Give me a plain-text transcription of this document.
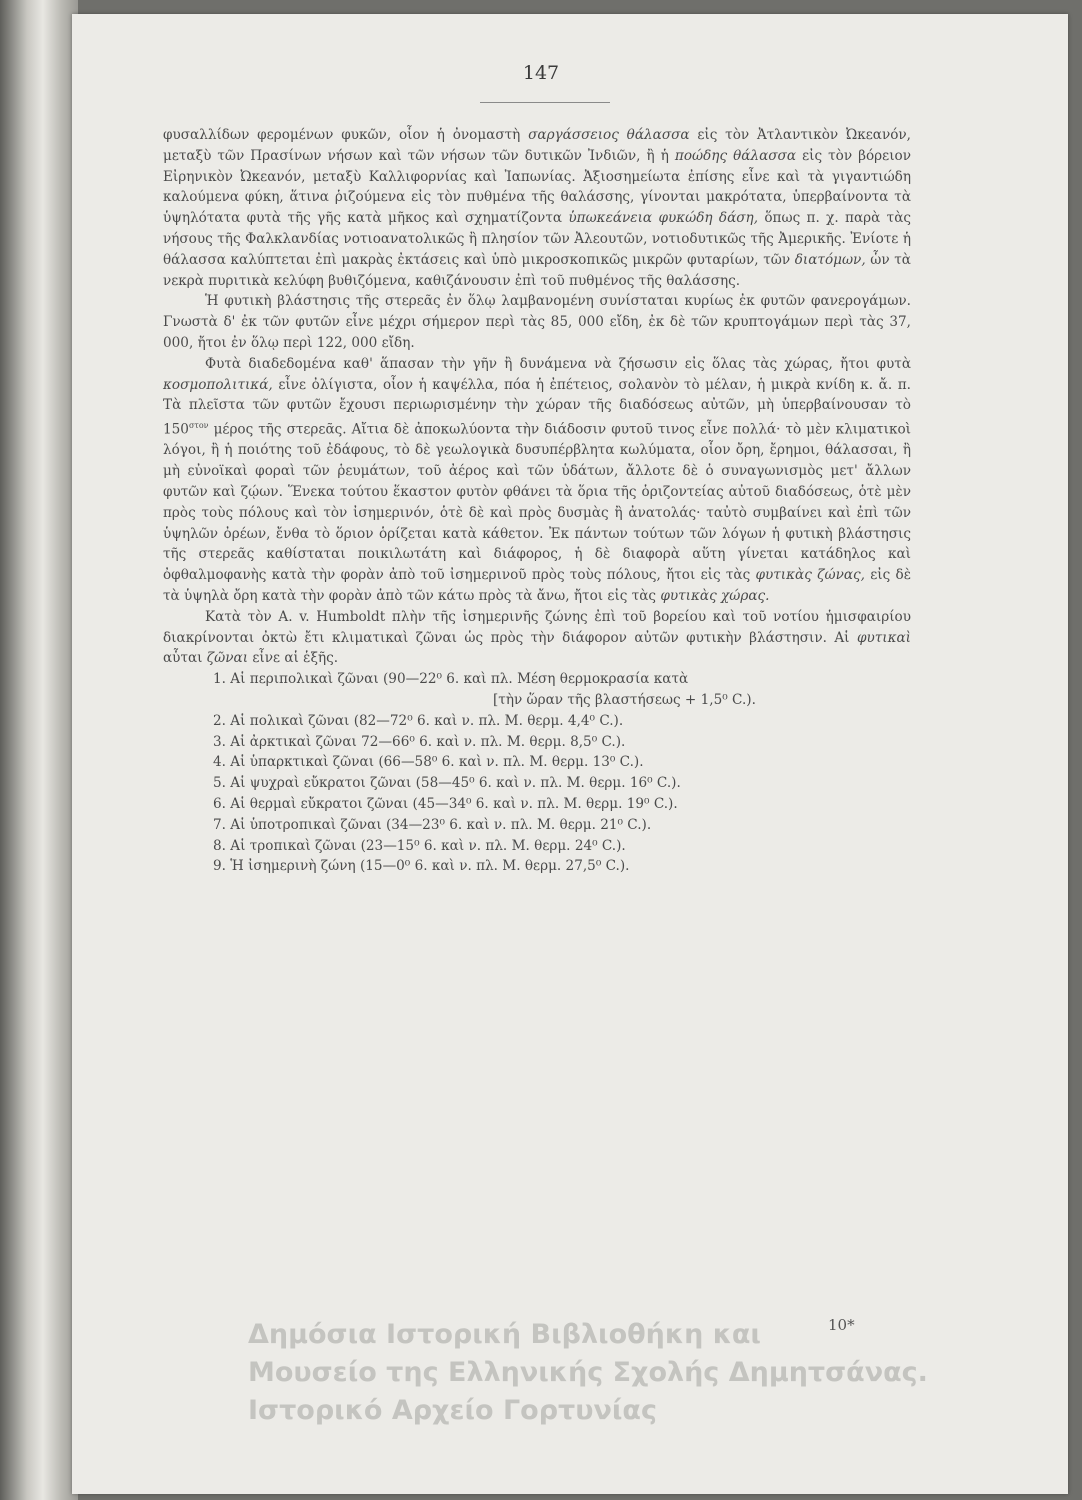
147

φυσαλλίδων φερομένων φυκῶν, οἷον ἡ ὀνομαστὴ σαργάσσειος θάλασσα εἰς τὸν Ἀτλαντικὸν Ὠκεανόν, μεταξὺ τῶν Πρασίνων νήσων καὶ τῶν νήσων τῶν δυτικῶν Ἰνδιῶν, ἢ ἡ ποώδης θάλασσα εἰς τὸν βόρειον Εἰρηνικὸν Ὠκεανόν, μεταξὺ Καλλιφορνίας καὶ Ἰαπωνίας. Ἀξιοσημείωτα ἐπίσης εἶνε καὶ τὰ γιγαντιώδη καλούμενα φύκη, ἅτινα ῥιζούμενα εἰς τὸν πυθμένα τῆς θαλάσσης, γίνονται μακρότατα, ὑπερβαίνοντα τὰ ὑψηλότατα φυτὰ τῆς γῆς κατὰ μῆκος καὶ σχηματίζοντα ὑπωκεάνεια φυκώδη δάση, ὅπως π. χ. παρὰ τὰς νήσους τῆς Φαλκλανδίας νοτιοανατολικῶς ἢ πλησίον τῶν Ἀλεουτῶν, νοτιοδυτικῶς τῆς Ἀμερικῆς. Ἐνίοτε ἡ θάλασσα καλύπτεται ἐπὶ μακρὰς ἐκτάσεις καὶ ὑπὸ μικροσκοπικῶς μικρῶν φυταρίων, τῶν διατόμων, ὧν τὰ νεκρὰ πυριτικὰ κελύφη βυθιζόμενα, καθιζάνουσιν ἐπὶ τοῦ πυθμένος τῆς θαλάσσης.

Ἡ φυτικὴ βλάστησις τῆς στερεᾶς ἐν ὅλῳ λαμβανομένη συνίσταται κυρίως ἐκ φυτῶν φανερογάμων. Γνωστὰ δ' ἐκ τῶν φυτῶν εἶνε μέχρι σήμερον περὶ τὰς 85, 000 εἴδη, ἐκ δὲ τῶν κρυπτογάμων περὶ τὰς 37, 000, ἤτοι ἐν ὅλῳ περὶ 122, 000 εἴδη.

Φυτὰ διαδεδομένα καθ' ἅπασαν τὴν γῆν ἢ δυνάμενα νὰ ζήσωσιν εἰς ὅλας τὰς χώρας, ἤτοι φυτὰ κοσμοπολιτικά, εἶνε ὀλίγιστα, οἷον ἡ καψέλλα, πόα ἡ ἐπέτειος, σολανὸν τὸ μέλαν, ἡ μικρὰ κνίδη κ. ἄ. π. Τὰ πλεῖστα τῶν φυτῶν ἔχουσι περιωρισμένην τὴν χώραν τῆς διαδόσεως αὐτῶν, μὴ ὑπερβαίνουσαν τὸ $150^{\sigma\tau o\nu}$ μέρος τῆς στερεᾶς. Αἴτια δὲ ἀποκωλύοντα τὴν διάδοσιν φυτοῦ τινος εἶνε πολλά· τὸ μὲν κλιματικοὶ λόγοι, ἢ ἡ ποιότης τοῦ ἐδάφους, τὸ δὲ γεωλογικὰ δυσυπέρβλητα κωλύματα, οἷον ὄρη, ἔρημοι, θάλασσαι, ἢ μὴ εὐνοϊκαὶ φοραὶ τῶν ῥευμάτων, τοῦ ἀέρος καὶ τῶν ὑδάτων, ἄλλοτε δὲ ὁ συναγωνισμὸς μετ' ἄλλων φυτῶν καὶ ζῴων. Ἕνεκα τούτου ἕκαστον φυτὸν φθάνει τὰ ὅρια τῆς ὁριζοντείας αὐτοῦ διαδόσεως, ὁτὲ μὲν πρὸς τοὺς πόλους καὶ τὸν ἰσημερινόν, ὁτὲ δὲ καὶ πρὸς δυσμὰς ἢ ἀνατολάς· ταὐτὸ συμβαίνει καὶ ἐπὶ τῶν ὑψηλῶν ὀρέων, ἔνθα τὸ ὅριον ὁρίζεται κατὰ κάθετον. Ἐκ πάντων τούτων τῶν λόγων ἡ φυτικὴ βλάστησις τῆς στερεᾶς καθίσταται ποικιλωτάτη καὶ διάφορος, ἡ δὲ διαφορὰ αὕτη γίνεται κατάδηλος καὶ ὀφθαλμοφανὴς κατὰ τὴν φορὰν ἀπὸ τοῦ ἰσημερινοῦ πρὸς τοὺς πόλους, ἤτοι εἰς τὰς φυτικὰς ζώνας, εἰς δὲ τὰ ὑψηλὰ ὄρη κατὰ τὴν φορὰν ἀπὸ τῶν κάτω πρὸς τὰ ἄνω, ἤτοι εἰς τὰς φυτικὰς χώρας.

Κατὰ τὸν A. v. Humboldt πλὴν τῆς ἰσημερινῆς ζώνης ἐπὶ τοῦ βορείου καὶ τοῦ νοτίου ἡμισφαιρίου διακρίνονται ὀκτὼ ἔτι κλιματικαὶ ζῶναι ὡς πρὸς τὴν διάφορον αὐτῶν φυτικὴν βλάστησιν. Αἱ φυτικαὶ αὗται ζῶναι εἶνε αἱ ἑξῆς.

1. Αἱ περιπολικαὶ ζῶναι (90—22⁰ 6. καὶ πλ. Μέση θερμοκρασία κατὰ
[τὴν ὥραν τῆς βλαστήσεως + 1,5⁰ C.).
2. Αἱ πολικαὶ ζῶναι (82—72⁰ 6. καὶ ν. πλ. Μ. θερμ. 4,4⁰ C.).
3. Αἱ ἀρκτικαὶ ζῶναι 72—66⁰ 6. καὶ ν. πλ. Μ. θερμ. 8,5⁰ C.).
4. Αἱ ὑπαρκτικαὶ ζῶναι (66—58⁰ 6. καὶ ν. πλ. Μ. θερμ. 13⁰ C.).
5. Αἱ ψυχραὶ εὔκρατοι ζῶναι (58—45⁰ 6. καὶ ν. πλ. Μ. θερμ. 16⁰ C.).
6. Αἱ θερμαὶ εὔκρατοι ζῶναι (45—34⁰ 6. καὶ ν. πλ. Μ. θερμ. 19⁰ C.).
7. Αἱ ὑποτροπικαὶ ζῶναι (34—23⁰ 6. καὶ ν. πλ. Μ. θερμ. 21⁰ C.).
8. Αἱ τροπικαὶ ζῶναι (23—15⁰ 6. καὶ ν. πλ. Μ. θερμ. 24⁰ C.).
9. Ἡ ἰσημερινὴ ζώνη (15—0⁰ 6. καὶ ν. πλ. Μ. θερμ. 27,5⁰ C.).
Δημόσια Ιστορική Βιβλιοθήκη και
Μουσείο της Ελληνικής Σχολής Δημητσάνας.
Ιστορικό Αρχείο Γορτυνίας
10*
